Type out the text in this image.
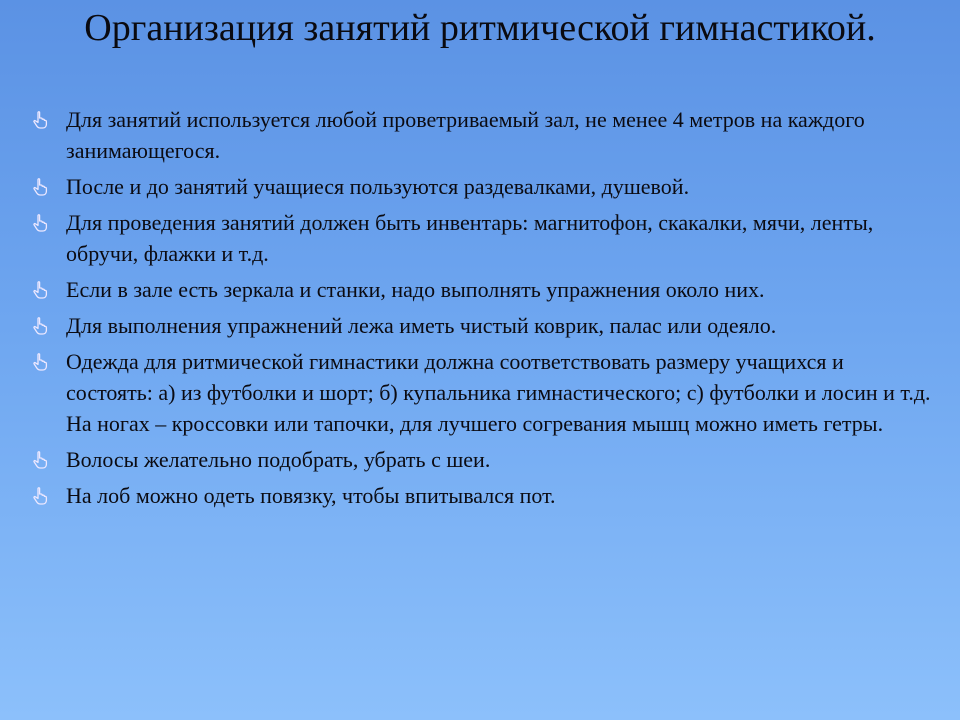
Организация занятий ритмической гимнастикой.
Для занятий используется любой проветриваемый зал, не менее 4 метров на каждого занимающегося.
После и до занятий учащиеся пользуются раздевалками, душевой.
Для проведения занятий должен быть инвентарь: магнитофон, скакалки, мячи, ленты, обручи, флажки и т.д.
Если в зале есть зеркала и станки, надо выполнять упражнения около них.
Для выполнения упражнений лежа иметь чистый коврик, палас или одеяло.
Одежда для ритмической гимнастики должна соответствовать размеру учащихся и состоять: а) из футболки и шорт; б) купальника гимнастического; с) футболки и лосин и т.д. На ногах – кроссовки или тапочки, для лучшего согревания мышц можно иметь гетры.
Волосы желательно подобрать, убрать с шеи.
На лоб можно одеть повязку, чтобы впитывался пот.
